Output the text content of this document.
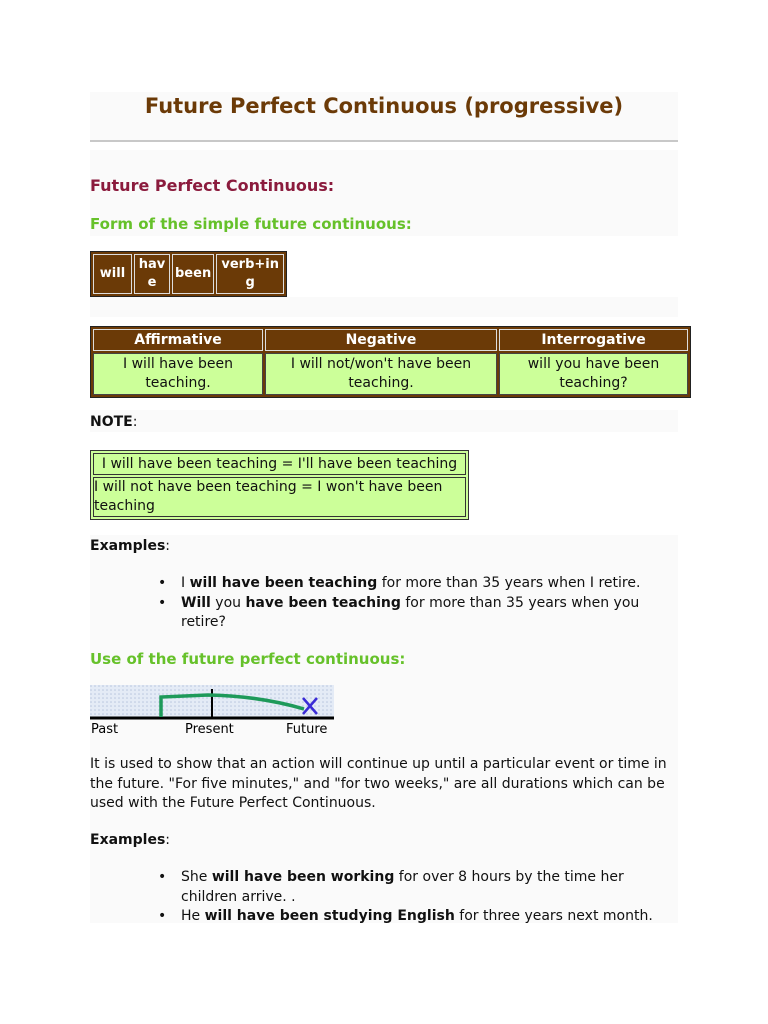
Future Perfect Continuous (progressive)
Future Perfect Continuous:
Form of the simple future continuous:
will	have	been	verb+ing
Affirmative	Negative	Interrogative
I will have been teaching.	I will not/won't have been teaching.	will you have been teaching?
NOTE:
I will have been teaching = I'll have been teaching
I will not have been teaching = I won't have been teaching
Examples:
• I will have been teaching for more than 35 years when I retire.
• Will you have been teaching for more than 35 years when you retire?
Use of the future perfect continuous:
Past	Present	Future
It is used to show that an action will continue up until a particular event or time in the future. "For five minutes," and "for two weeks," are all durations which can be used with the Future Perfect Continuous.
Examples:
• She will have been working for over 8 hours by the time her children arrive. .
• He will have been studying English for three years next month.
